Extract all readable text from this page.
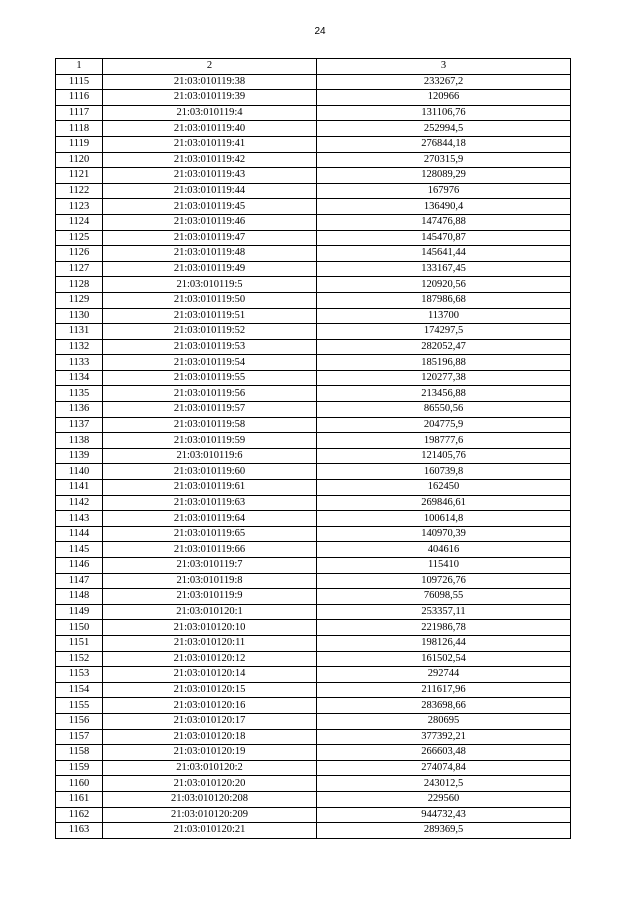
24
1	2	3
1115	21:03:010119:38	233267,2
1116	21:03:010119:39	120966
1117	21:03:010119:4	131106,76
1118	21:03:010119:40	252994,5
1119	21:03:010119:41	276844,18
1120	21:03:010119:42	270315,9
1121	21:03:010119:43	128089,29
1122	21:03:010119:44	167976
1123	21:03:010119:45	136490,4
1124	21:03:010119:46	147476,88
1125	21:03:010119:47	145470,87
1126	21:03:010119:48	145641,44
1127	21:03:010119:49	133167,45
1128	21:03:010119:5	120920,56
1129	21:03:010119:50	187986,68
1130	21:03:010119:51	113700
1131	21:03:010119:52	174297,5
1132	21:03:010119:53	282052,47
1133	21:03:010119:54	185196,88
1134	21:03:010119:55	120277,38
1135	21:03:010119:56	213456,88
1136	21:03:010119:57	86550,56
1137	21:03:010119:58	204775,9
1138	21:03:010119:59	198777,6
1139	21:03:010119:6	121405,76
1140	21:03:010119:60	160739,8
1141	21:03:010119:61	162450
1142	21:03:010119:63	269846,61
1143	21:03:010119:64	100614,8
1144	21:03:010119:65	140970,39
1145	21:03:010119:66	404616
1146	21:03:010119:7	115410
1147	21:03:010119:8	109726,76
1148	21:03:010119:9	76098,55
1149	21:03:010120:1	253357,11
1150	21:03:010120:10	221986,78
1151	21:03:010120:11	198126,44
1152	21:03:010120:12	161502,54
1153	21:03:010120:14	292744
1154	21:03:010120:15	211617,96
1155	21:03:010120:16	283698,66
1156	21:03:010120:17	280695
1157	21:03:010120:18	377392,21
1158	21:03:010120:19	266603,48
1159	21:03:010120:2	274074,84
1160	21:03:010120:20	243012,5
1161	21:03:010120:208	229560
1162	21:03:010120:209	944732,43
1163	21:03:010120:21	289369,5
